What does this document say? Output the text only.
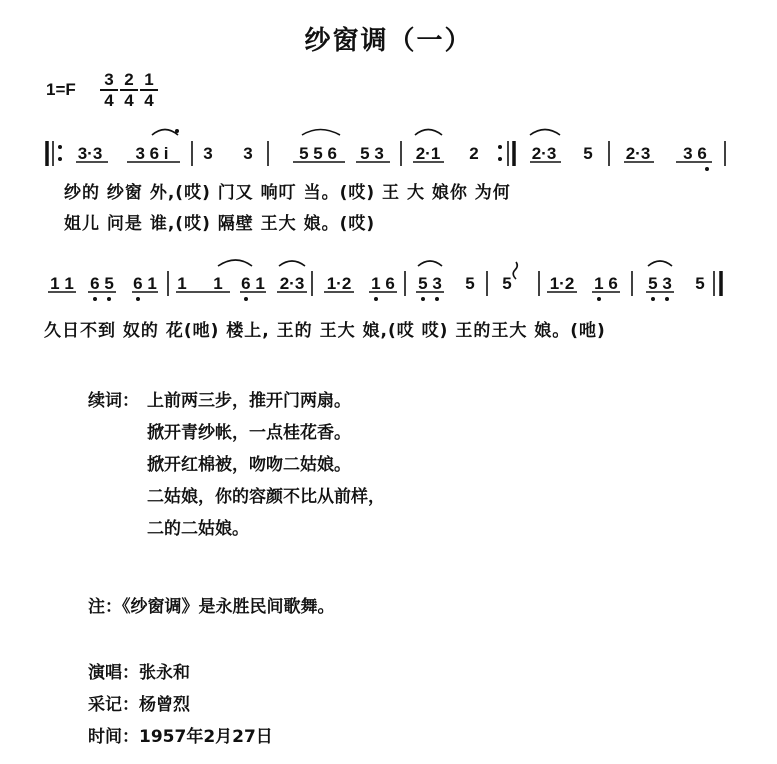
纱窗调（一）
$1=F \frac{3}{4} \frac{2}{4} \frac{1}{4}$
3·3 3 6 i 3 3	5 5 6 5 3 2·1 2	2·3 5 2·3 3 6
1 1 6 5 6 1 1 1 6 1 2·3 1·2 1 6 5 3 5 5 1·2 1 6 5 3 5
纱的 纱窗 外,(哎) 门又 响叮 当。(哎) 王 大 娘你 为何
姐儿 问是 谁,(哎) 隔壁 王大 娘。(哎)
久日不到 奴的 花(吔) 楼上, 王的 王大 娘,(哎 哎) 王的王大 娘。(吔)
续词： 上前两三步，推开门两扇。
掀开青纱帐，一点桂花香。
掀开红棉被，吻吻二姑娘。
二姑娘，你的容颜不比从前样，
二的二姑娘。
注：《纱窗调》是永胜民间歌舞。
演唱：张永和
采记：杨曾烈
时间：1957年2月27日
